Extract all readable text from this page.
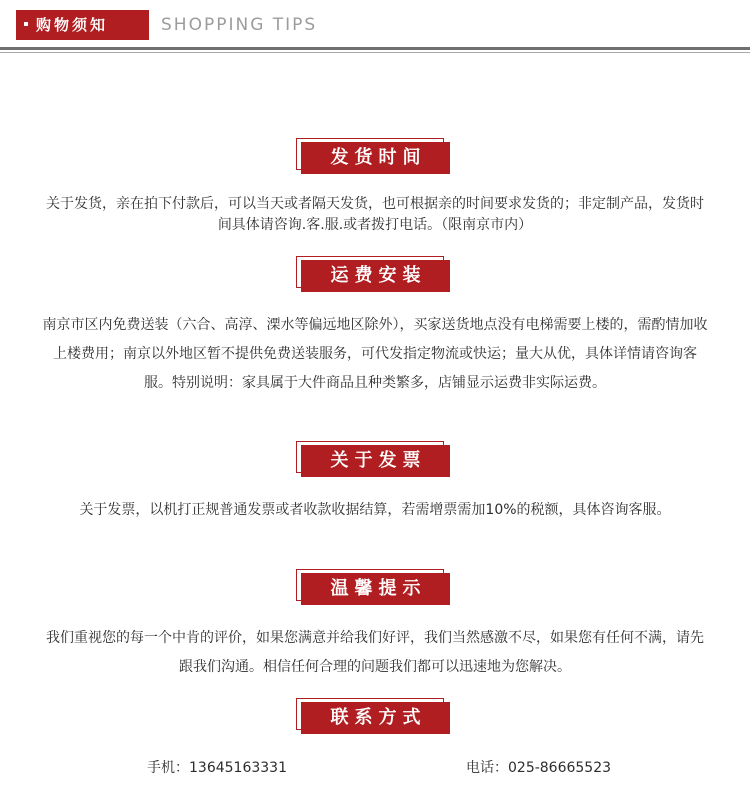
购物须知	SHOPPING TIPS
发货时间

关于发货，亲在拍下付款后，可以当天或者隔天发货，也可根据亲的时间要求发货的；非定制产品，发货时间具体请咨询.客.服.或者拨打电话。（限南京市内）

运费安装

南京市区内免费送装（六合、高淳、溧水等偏远地区除外），买家送货地点没有电梯需要上楼的，需酌情加收上楼费用；南京以外地区暂不提供免费送装服务，可代发指定物流或快运；量大从优，具体详情请咨询客服。特别说明：家具属于大件商品且种类繁多，店铺显示运费非实际运费。

关于发票

关于发票，以机打正规普通发票或者收款收据结算，若需增票需加10%的税额，具体咨询客服。

温馨提示

我们重视您的每一个中肯的评价，如果您满意并给我们好评，我们当然感激不尽，如果您有任何不满，请先跟我们沟通。相信任何合理的问题我们都可以迅速地为您解决。

联系方式
手机：13645163331	电话：025-86665523
